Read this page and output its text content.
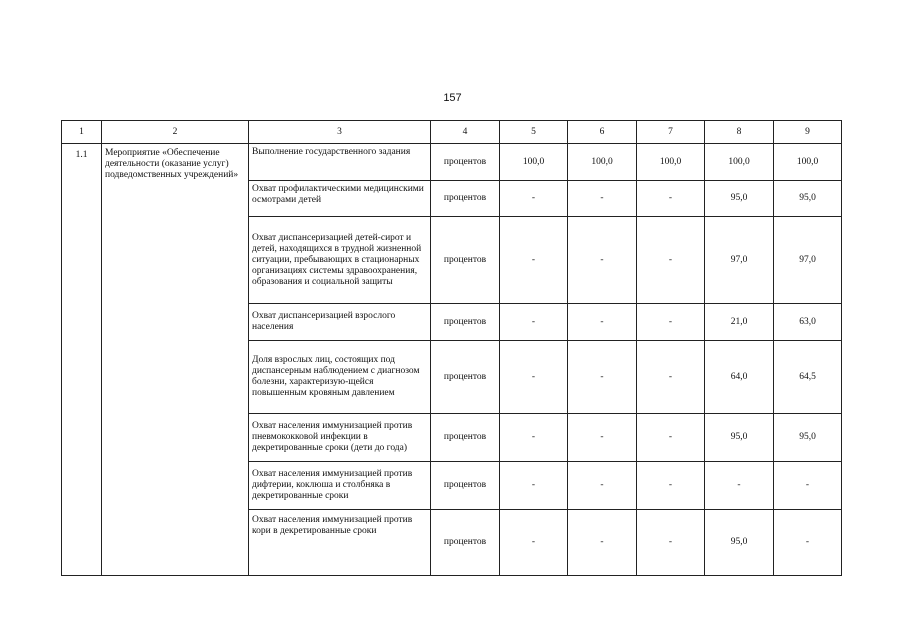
157
1	2	3	4	5	6	7	8	9
1.1	Мероприятие «Обеспечение деятельности (оказание услуг) подведомственных учреждений»	Выполнение государственного задания	процентов	100,0	100,0	100,0	100,0	100,0
		Охват профилактическими медицинскими осмотрами детей	процентов	-	-	-	95,0	95,0
		Охват диспансеризацией детей-сирот и детей, находящихся в трудной жизненной ситуации, пребывающих в стационарных организациях системы здравоохранения, образования и социальной защиты	процентов	-	-	-	97,0	97,0
		Охват диспансеризацией взрослого населения	процентов	-	-	-	21,0	63,0
		Доля взрослых лиц, состоящих под диспансерным наблюдением с диагнозом болезни, характеризую-щейся повышенным кровяным давлением	процентов	-	-	-	64,0	64,5
		Охват населения иммунизацией против пневмококковой инфекции в декретированные сроки (дети до года)	процентов	-	-	-	95,0	95,0
		Охват населения иммунизацией против дифтерии, коклюша и столбняка в декретированные сроки	процентов	-	-	-	-	-
		Охват населения иммунизацией против кори в декретированные сроки	процентов	-	-	-	95,0	-
